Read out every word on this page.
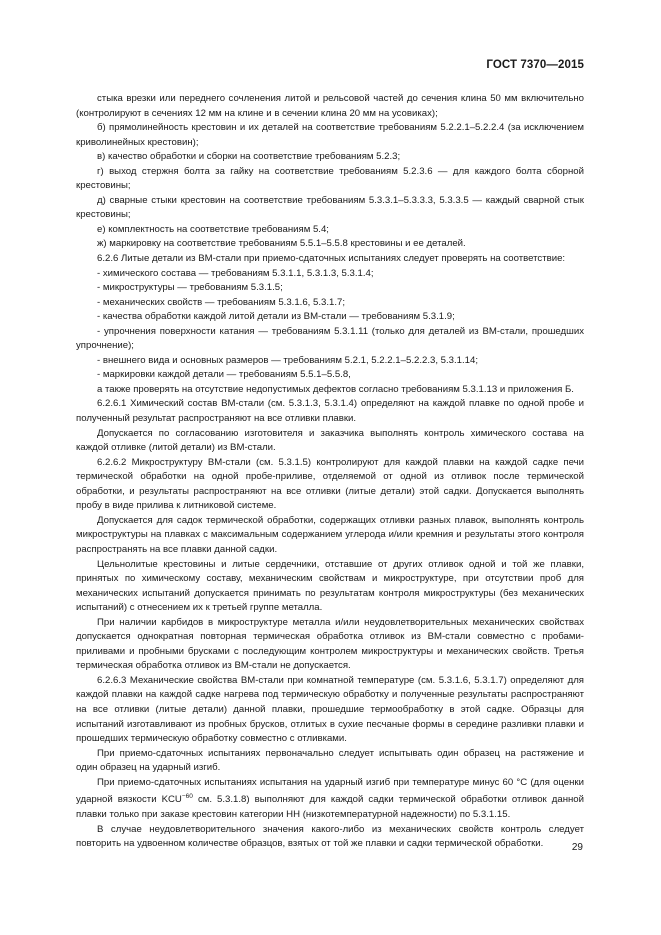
ГОСТ 7370—2015

стыка врезки или переднего сочленения литой и рельсовой частей до сечения клина 50 мм включительно (контролируют в сечениях 12 мм на клине и в сечении клина 20 мм на усовиках);

б) прямолинейность крестовин и их деталей на соответствие требованиям 5.2.2.1–5.2.2.4 (за исключением криволинейных крестовин);

в) качество обработки и сборки на соответствие требованиям 5.2.3;

г) выход стержня болта за гайку на соответствие требованиям 5.2.3.6 — для каждого болта сборной крестовины;

д) сварные стыки крестовин на соответствие требованиям 5.3.3.1–5.3.3.3, 5.3.3.5 — каждый сварной стык крестовины;

е) комплектность на соответствие требованиям 5.4;

ж) маркировку на соответствие требованиям 5.5.1–5.5.8 крестовины и ее деталей.

6.2.6 Литые детали из ВМ-стали при приемо-сдаточных испытаниях следует проверять на соответствие:

- химического состава — требованиям 5.3.1.1, 5.3.1.3, 5.3.1.4;

- микроструктуры — требованиям 5.3.1.5;

- механических свойств — требованиям 5.3.1.6, 5.3.1.7;

- качества обработки каждой литой детали из ВМ-стали — требованиям 5.3.1.9;

- упрочнения поверхности катания — требованиям 5.3.1.11 (только для деталей из ВМ-стали, прошедших упрочнение);

- внешнего вида и основных размеров — требованиям 5.2.1, 5.2.2.1–5.2.2.3, 5.3.1.14;

- маркировки каждой детали — требованиям 5.5.1–5.5.8,

а также проверять на отсутствие недопустимых дефектов согласно требованиям 5.3.1.13 и приложения Б.

6.2.6.1 Химический состав ВМ-стали (см. 5.3.1.3, 5.3.1.4) определяют на каждой плавке по одной пробе и полученный результат распространяют на все отливки плавки.

Допускается по согласованию изготовителя и заказчика выполнять контроль химического состава на каждой отливке (литой детали) из ВМ-стали.

6.2.6.2 Микроструктуру ВМ-стали (см. 5.3.1.5) контролируют для каждой плавки на каждой садке печи термической обработки на одной пробе-приливе, отделяемой от одной из отливок после термической обработки, и результаты распространяют на все отливки (литые детали) этой садки. Допускается выполнять пробу в виде прилива к литниковой системе.

Допускается для садок термической обработки, содержащих отливки разных плавок, выполнять контроль микроструктуры на плавках с максимальным содержанием углерода и/или кремния и результаты этого контроля распространять на все плавки данной садки.

Цельнолитые крестовины и литые сердечники, отставшие от других отливок одной и той же плавки, принятых по химическому составу, механическим свойствам и микроструктуре, при отсутствии проб для механических испытаний допускается принимать по результатам контроля микроструктуры (без механических испытаний) с отнесением их к третьей группе металла.

При наличии карбидов в микроструктуре металла и/или неудовлетворительных механических свойствах допускается однократная повторная термическая обработка отливок из ВМ-стали совместно с пробами-приливами и пробными брусками с последующим контролем микроструктуры и механических свойств. Третья термическая обработка отливок из ВМ-стали не допускается.

6.2.6.3 Механические свойства ВМ-стали при комнатной температуре (см. 5.3.1.6, 5.3.1.7) определяют для каждой плавки на каждой садке нагрева под термическую обработку и полученные результаты распространяют на все отливки (литые детали) данной плавки, прошедшие термообработку в этой садке. Образцы для испытаний изготавливают из пробных брусков, отлитых в сухие песчаные формы в середине разливки плавки и прошедших термическую обработку совместно с отливками.

При приемо-сдаточных испытаниях первоначально следует испытывать один образец на растяжение и один образец на ударный изгиб.

При приемо-сдаточных испытаниях испытания на ударный изгиб при температуре минус 60 °С (для оценки ударной вязкости $KCU^{-60}$ см. 5.3.1.8) выполняют для каждой садки термической обработки отливок данной плавки только при заказе крестовин категории НН (низкотемпературной надежности) по 5.3.1.15.

В случае неудовлетворительного значения какого-либо из механических свойств контроль следует повторить на удвоенном количестве образцов, взятых от той же плавки и садки термической обработки.	29
